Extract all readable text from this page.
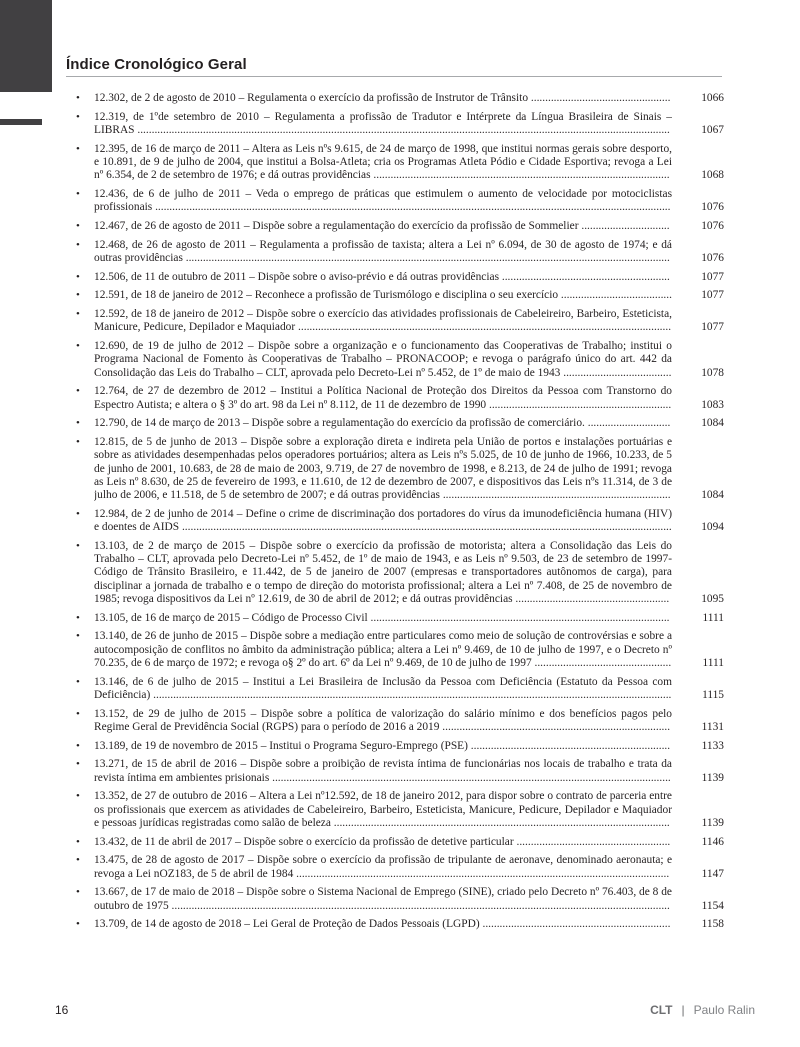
Índice Cronológico Geral
• 12.302, de 2 de agosto de 2010 – Regulamenta o exercício da profissão de Instrutor de Trânsito .................................................	1066
• 12.319, de 1ºde setembro de 2010 – Regulamenta a profissão de Tradutor e Intérprete da Língua Brasileira de Sinais – LIBRAS ...........................................................................................................................................................................................	1067
• 12.395, de 16 de março de 2011 – Altera as Leis nºs 9.615, de 24 de março de 1998, que institui normas gerais sobre desporto, e 10.891, de 9 de julho de 2004, que institui a Bolsa-Atleta; cria os Programas Atleta Pódio e Cidade Esportiva; revoga a Lei nº 6.354, de 2 de setembro de 1976; e dá outras providências ........................................................................................................	1068
• 12.436, de 6 de julho de 2011 – Veda o emprego de práticas que estimulem o aumento de velocidade por motociclistas profissionais .....................................................................................................................................................................................	1076
• 12.467, de 26 de agosto de 2011 – Dispõe sobre a regulamentação do exercício da profissão de Sommelier ...............................	1076
• 12.468, de 26 de agosto de 2011 – Regulamenta a profissão de taxista; altera a Lei nº 6.094, de 30 de agosto de 1974; e dá outras providências ..........................................................................................................................................................................	1076
• 12.506, de 11 de outubro de 2011 – Dispõe sobre o aviso-prévio e dá outras providências ...........................................................	1077
• 12.591, de 18 de janeiro de 2012 – Reconhece a profissão de Turismólogo e disciplina o seu exercício .......................................	1077
• 12.592, de 18 de janeiro de 2012 – Dispõe sobre o exercício das atividades profissionais de Cabeleireiro, Barbeiro, Esteticista, Manicure, Pedicure, Depilador e Maquiador ...................................................................................................................................	1077
• 12.690, de 19 de julho de 2012 – Dispõe sobre a organização e o funcionamento das Cooperativas de Trabalho; institui o Programa Nacional de Fomento às Cooperativas de Trabalho – PRONACOOP; e revoga o parágrafo único do art. 442 da Consolidação das Leis do Trabalho – CLT, aprovada pelo Decreto-Lei nº 5.452, de 1º de maio de 1943 ......................................	1078
• 12.764, de 27 de dezembro de 2012 – Institui a Política Nacional de Proteção dos Direitos da Pessoa com Transtorno do Espectro Autista; e altera o § 3º do art. 98 da Lei nº 8.112, de 11 de dezembro de 1990 ................................................................	1083
• 12.790, de 14 de março de 2013 – Dispõe sobre a regulamentação do exercício da profissão de comerciário. .............................	1084
• 12.815, de 5 de junho de 2013 – Dispõe sobre a exploração direta e indireta pela União de portos e instalações portuárias e sobre as atividades desempenhadas pelos operadores portuários; altera as Leis nºs 5.025, de 10 de junho de 1966, 10.233, de 5 de junho de 2001, 10.683, de 28 de maio de 2003, 9.719, de 27 de novembro de 1998, e 8.213, de 24 de julho de 1991; revoga as Leis nº 8.630, de 25 de fevereiro de 1993, e 11.610, de 12 de dezembro de 2007, e dispositivos das Leis nºs 11.314, de 3 de julho de 2006, e 11.518, de 5 de setembro de 2007; e dá outras providências ................................................................................	1084
• 12.984, de 2 de junho de 2014 – Define o crime de discriminação dos portadores do vírus da imunodeficiência humana (HIV) e doentes de AIDS ............................................................................................................................................................................	1094
• 13.103, de 2 de março de 2015 – Dispõe sobre o exercício da profissão de motorista; altera a Consolidação das Leis do Trabalho – CLT, aprovada pelo Decreto-Lei nº 5.452, de 1º de maio de 1943, e as Leis nº 9.503, de 23 de setembro de 1997-Código de Trânsito Brasileiro, e 11.442, de 5 de janeiro de 2007 (empresas e transportadores autônomos de carga), para disciplinar a jornada de trabalho e o tempo de direção do motorista profissional; altera a Lei nº 7.408, de 25 de novembro de 1985; revoga dispositivos da Lei nº 12.619, de 30 de abril de 2012; e dá outras providências ......................................................	1095
• 13.105, de 16 de março de 2015 – Código de Processo Civil .........................................................................................................	1111
• 13.140, de 26 de junho de 2015 – Dispõe sobre a mediação entre particulares como meio de solução de controvérsias e sobre a autocomposição de conflitos no âmbito da administração pública; altera a Lei nº 9.469, de 10 de julho de 1997, e o Decreto nº 70.235, de 6 de março de 1972; e revoga o§ 2º do art. 6º da Lei nº 9.469, de 10 de julho de 1997 ................................................	1111
• 13.146, de 6 de julho de 2015 – Institui a Lei Brasileira de Inclusão da Pessoa com Deficiência (Estatuto da Pessoa com Deficiência) ......................................................................................................................................................................................	1115
• 13.152, de 29 de julho de 2015 – Dispõe sobre a política de valorização do salário mínimo e dos benefícios pagos pelo Regime Geral de Previdência Social (RGPS) para o período de 2016 a 2019 ................................................................................	1131
• 13.189, de 19 de novembro de 2015 – Institui o Programa Seguro-Emprego (PSE) ......................................................................	1133
• 13.271, de 15 de abril de 2016 – Dispõe sobre a proibição de revista íntima de funcionárias nos locais de trabalho e trata da revista íntima em ambientes prisionais ............................................................................................................................................	1139
• 13.352, de 27 de outubro de 2016 – Altera a Lei nº12.592, de 18 de janeiro 2012, para dispor sobre o contrato de parceria entre os profissionais que exercem as atividades de Cabeleireiro, Barbeiro, Esteticista, Manicure, Pedicure, Depilador e Maquiador e pessoas jurídicas registradas como salão de beleza ......................................................................................................................	1139
• 13.432, de 11 de abril de 2017 – Dispõe sobre o exercício da profissão de detetive particular ......................................................	1146
• 13.475, de 28 de agosto de 2017 – Dispõe sobre o exercício da profissão de tripulante de aeronave, denominado aeronauta; e revoga a Lei nOZ183, de 5 de abril de 1984 ...................................................................................................................................	1147
• 13.667, de 17 de maio de 2018 – Dispõe sobre o Sistema Nacional de Emprego (SINE), criado pelo Decreto nº 76.403, de 8 de outubro de 1975 ...............................................................................................................................................................................	1154
• 13.709, de 14 de agosto de 2018 – Lei Geral de Proteção de Dados Pessoais (LGPD) ..................................................................	1158
16	CLT | Paulo Ralin
